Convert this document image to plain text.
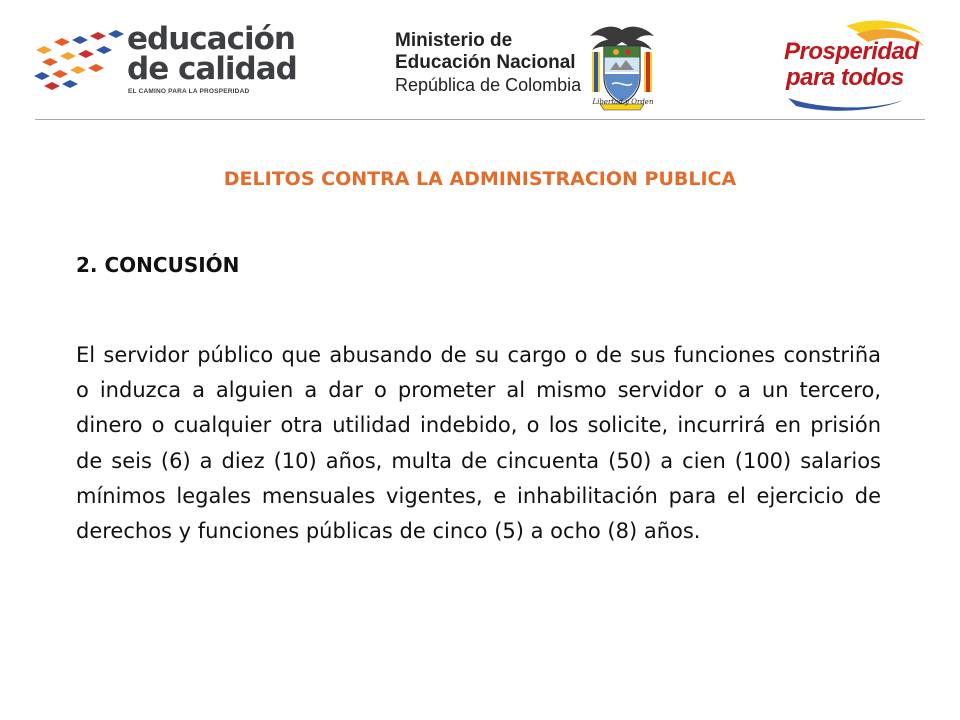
educación
de calidad
EL CAMINO PARA LA PROSPERIDAD
Ministerio de
Educación Nacional
República de Colombia
Libertad y Orden
Prosperidad
para todos
DELITOS CONTRA LA ADMINISTRACION PUBLICA
2. CONCUSIÓN

El servidor público que abusando de su cargo o de sus funciones constriña o induzca a alguien a dar o prometer al mismo servidor o a un tercero, dinero o cualquier otra utilidad indebido, o los solicite, incurrirá en prisión de seis (6) a diez (10) años, multa de cincuenta (50) a cien (100) salarios mínimos legales mensuales vigentes, e inhabilitación para el ejercicio de derechos y funciones públicas de cinco (5) a ocho (8) años.
